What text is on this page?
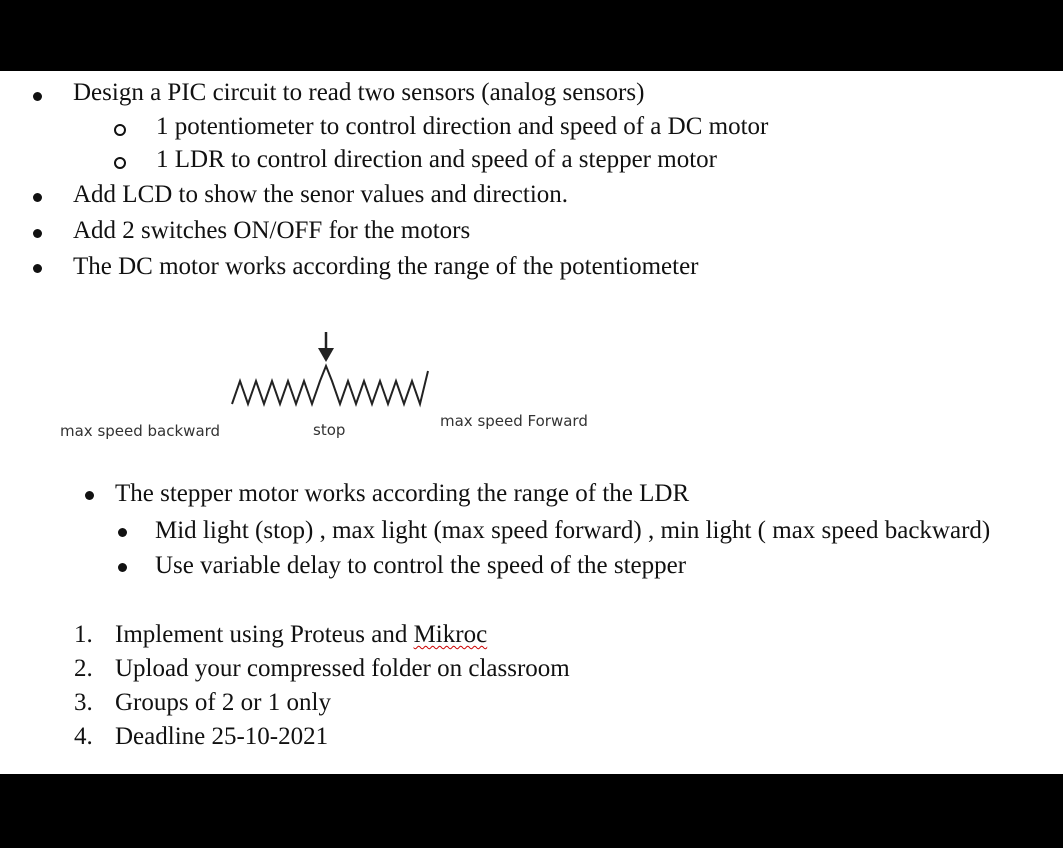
Design a PIC circuit to read two sensors (analog sensors)
1 potentiometer to control direction and speed of a DC motor
1 LDR to control direction and speed of a stepper motor
Add LCD to show the senor values and direction.
Add 2 switches ON/OFF for the motors
The DC motor works according the range of the potentiometer
max speed backward	stop	max speed Forward
The stepper motor works according the range of the LDR
Mid light (stop) , max light (max speed forward) , min light ( max speed backward)
Use variable delay to control the speed of the stepper
1. Implement using Proteus and Mikroc
2. Upload your compressed folder on classroom
3. Groups of 2 or 1 only
4. Deadline 25-10-2021
